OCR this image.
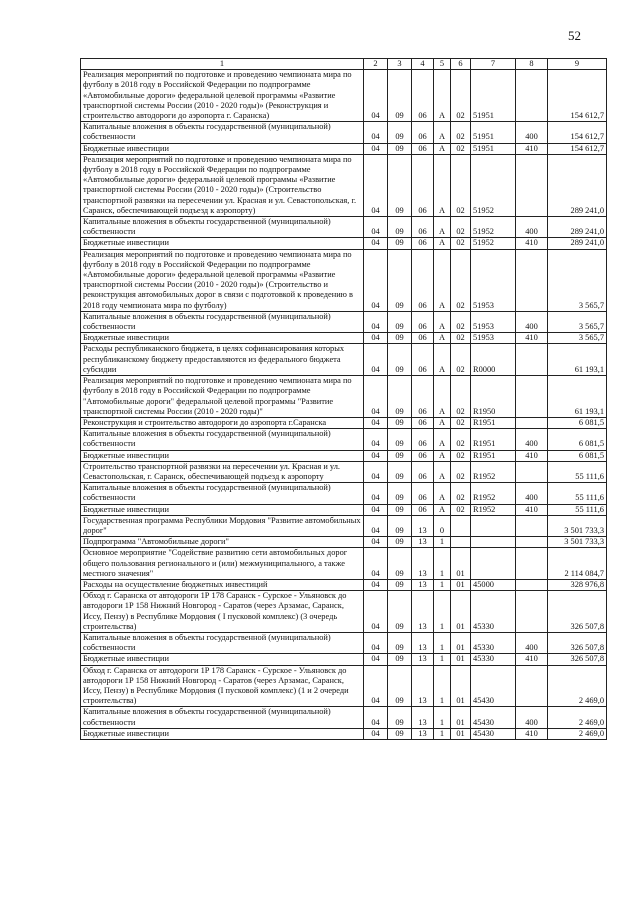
52
1	2	3	4	5	6	7	8	9
Реализация мероприятий по подготовке и проведению чемпионата мира по футболу в 2018 году в Российской Федерации по подпрограмме «Автомобильные дороги» федеральной целевой программы «Развитие транспортной системы России (2010 - 2020 годы)» (Реконструкция и строительство автодороги до аэропорта г. Саранска)	04	09	06	А	02	51951		154 612,7
Капитальные вложения в объекты государственной (муниципальной) собственности	04	09	06	А	02	51951	400	154 612,7
Бюджетные инвестиции	04	09	06	А	02	51951	410	154 612,7
Реализация мероприятий по подготовке и проведению чемпионата мира по футболу в 2018 году в Российской Федерации по подпрограмме «Автомобильные дороги» федеральной целевой программы «Развитие транспортной системы России (2010 - 2020 годы)» (Строительство транспортной развязки на пересечении ул. Красная и ул. Севастопольская, г. Саранск, обеспечивающей подъезд к аэропорту)	04	09	06	А	02	51952		289 241,0
Капитальные вложения в объекты государственной (муниципальной) собственности	04	09	06	А	02	51952	400	289 241,0
Бюджетные инвестиции	04	09	06	А	02	51952	410	289 241,0
Реализация мероприятий по подготовке и проведению чемпионата мира по футболу в 2018 году в Российской Федерации по подпрограмме «Автомобильные дороги» федеральной целевой программы «Развитие транспортной системы России (2010 - 2020 годы)» (Строительство и реконструкция автомобильных дорог в связи с подготовкой к проведению в 2018 году чемпионата мира по футболу)	04	09	06	А	02	51953		3 565,7
Капитальные вложения в объекты государственной (муниципальной) собственности	04	09	06	А	02	51953	400	3 565,7
Бюджетные инвестиции	04	09	06	А	02	51953	410	3 565,7
Расходы республиканского бюджета, в целях софинансирования которых республиканскому бюджету предоставляются из федерального бюджета субсидии	04	09	06	А	02	R0000		61 193,1
Реализация мероприятий по подготовке и проведению чемпионата мира по футболу в 2018 году в Российской Федерации по подпрограмме "Автомобильные дороги" федеральной целевой программы "Развитие транспортной системы России (2010 - 2020 годы)"	04	09	06	А	02	R1950		61 193,1
Реконструкция и строительство автодороги до аэропорта г.Саранска	04	09	06	А	02	R1951		6 081,5
Капитальные вложения в объекты государственной (муниципальной) собственности	04	09	06	А	02	R1951	400	6 081,5
Бюджетные инвестиции	04	09	06	А	02	R1951	410	6 081,5
Строительство транспортной развязки на пересечении ул. Красная и ул. Севастопольская, г. Саранск, обеспечивающей подъезд к аэропорту	04	09	06	А	02	R1952		55 111,6
Капитальные вложения в объекты государственной (муниципальной) собственности	04	09	06	А	02	R1952	400	55 111,6
Бюджетные инвестиции	04	09	06	А	02	R1952	410	55 111,6
Государственная программа Республики Мордовия "Развитие автомобильных дорог"	04	09	13	0				3 501 733,3
Подпрограмма "Автомобильные дороги"	04	09	13	1				3 501 733,3
Основное мероприятие "Содействие развитию сети автомобильных дорог общего пользования регионального и (или) межмуниципального, а также местного значения"	04	09	13	1	01			2 114 084,7
Расходы на осуществление бюджетных инвестиций	04	09	13	1	01	45000		328 976,8
Обход г. Саранска от автодороги 1Р 178 Саранск - Сурское - Ульяновск до автодороги 1Р 158 Нижний Новгород - Саратов (через Арзамас, Саранск, Иссу, Пензу) в Республике Мордовия ( I пусковой комплекс) (3 очередь строительства)	04	09	13	1	01	45330		326 507,8
Капитальные вложения в объекты государственной (муниципальной) собственности	04	09	13	1	01	45330	400	326 507,8
Бюджетные инвестиции	04	09	13	1	01	45330	410	326 507,8
Обход г. Саранска от автодороги 1Р 178 Саранск - Сурское - Ульяновск до автодороги 1Р 158 Нижний Новгород - Саратов (через Арзамас, Саранск, Иссу, Пензу) в Республике Мордовия (I пусковой комплекс) (1 и 2 очереди строительства)	04	09	13	1	01	45430		2 469,0
Капитальные вложения в объекты государственной (муниципальной) собственности	04	09	13	1	01	45430	400	2 469,0
Бюджетные инвестиции	04	09	13	1	01	45430	410	2 469,0
